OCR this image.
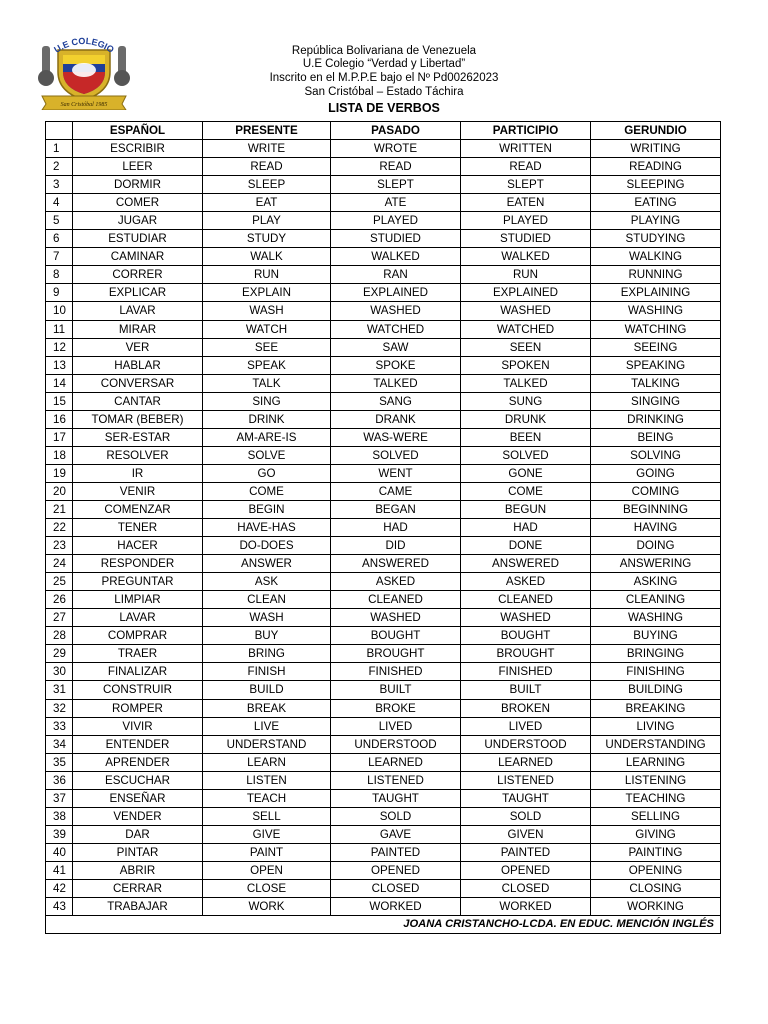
U.E COLEGIO
San Cristóbal 1985
República Bolivariana de Venezuela
U.E Colegio “Verdad y Libertad”
Inscrito en el M.P.P.E bajo el Nº Pd00262023
San Cristóbal – Estado Táchira
LISTA DE VERBOS
	ESPAÑOL	PRESENTE	PASADO	PARTICIPIO	GERUNDIO
1	ESCRIBIR	WRITE	WROTE	WRITTEN	WRITING
2	LEER	READ	READ	READ	READING
3	DORMIR	SLEEP	SLEPT	SLEPT	SLEEPING
4	COMER	EAT	ATE	EATEN	EATING
5	JUGAR	PLAY	PLAYED	PLAYED	PLAYING
6	ESTUDIAR	STUDY	STUDIED	STUDIED	STUDYING
7	CAMINAR	WALK	WALKED	WALKED	WALKING
8	CORRER	RUN	RAN	RUN	RUNNING
9	EXPLICAR	EXPLAIN	EXPLAINED	EXPLAINED	EXPLAINING
10	LAVAR	WASH	WASHED	WASHED	WASHING
11	MIRAR	WATCH	WATCHED	WATCHED	WATCHING
12	VER	SEE	SAW	SEEN	SEEING
13	HABLAR	SPEAK	SPOKE	SPOKEN	SPEAKING
14	CONVERSAR	TALK	TALKED	TALKED	TALKING
15	CANTAR	SING	SANG	SUNG	SINGING
16	TOMAR (BEBER)	DRINK	DRANK	DRUNK	DRINKING
17	SER-ESTAR	AM-ARE-IS	WAS-WERE	BEEN	BEING
18	RESOLVER	SOLVE	SOLVED	SOLVED	SOLVING
19	IR	GO	WENT	GONE	GOING
20	VENIR	COME	CAME	COME	COMING
21	COMENZAR	BEGIN	BEGAN	BEGUN	BEGINNING
22	TENER	HAVE-HAS	HAD	HAD	HAVING
23	HACER	DO-DOES	DID	DONE	DOING
24	RESPONDER	ANSWER	ANSWERED	ANSWERED	ANSWERING
25	PREGUNTAR	ASK	ASKED	ASKED	ASKING
26	LIMPIAR	CLEAN	CLEANED	CLEANED	CLEANING
27	LAVAR	WASH	WASHED	WASHED	WASHING
28	COMPRAR	BUY	BOUGHT	BOUGHT	BUYING
29	TRAER	BRING	BROUGHT	BROUGHT	BRINGING
30	FINALIZAR	FINISH	FINISHED	FINISHED	FINISHING
31	CONSTRUIR	BUILD	BUILT	BUILT	BUILDING
32	ROMPER	BREAK	BROKE	BROKEN	BREAKING
33	VIVIR	LIVE	LIVED	LIVED	LIVING
34	ENTENDER	UNDERSTAND	UNDERSTOOD	UNDERSTOOD	UNDERSTANDING
35	APRENDER	LEARN	LEARNED	LEARNED	LEARNING
36	ESCUCHAR	LISTEN	LISTENED	LISTENED	LISTENING
37	ENSEÑAR	TEACH	TAUGHT	TAUGHT	TEACHING
38	VENDER	SELL	SOLD	SOLD	SELLING
39	DAR	GIVE	GAVE	GIVEN	GIVING
40	PINTAR	PAINT	PAINTED	PAINTED	PAINTING
41	ABRIR	OPEN	OPENED	OPENED	OPENING
42	CERRAR	CLOSE	CLOSED	CLOSED	CLOSING
43	TRABAJAR	WORK	WORKED	WORKED	WORKING
JOANA CRISTANCHO-LCDA. EN EDUC. MENCIÓN INGLÉS					
